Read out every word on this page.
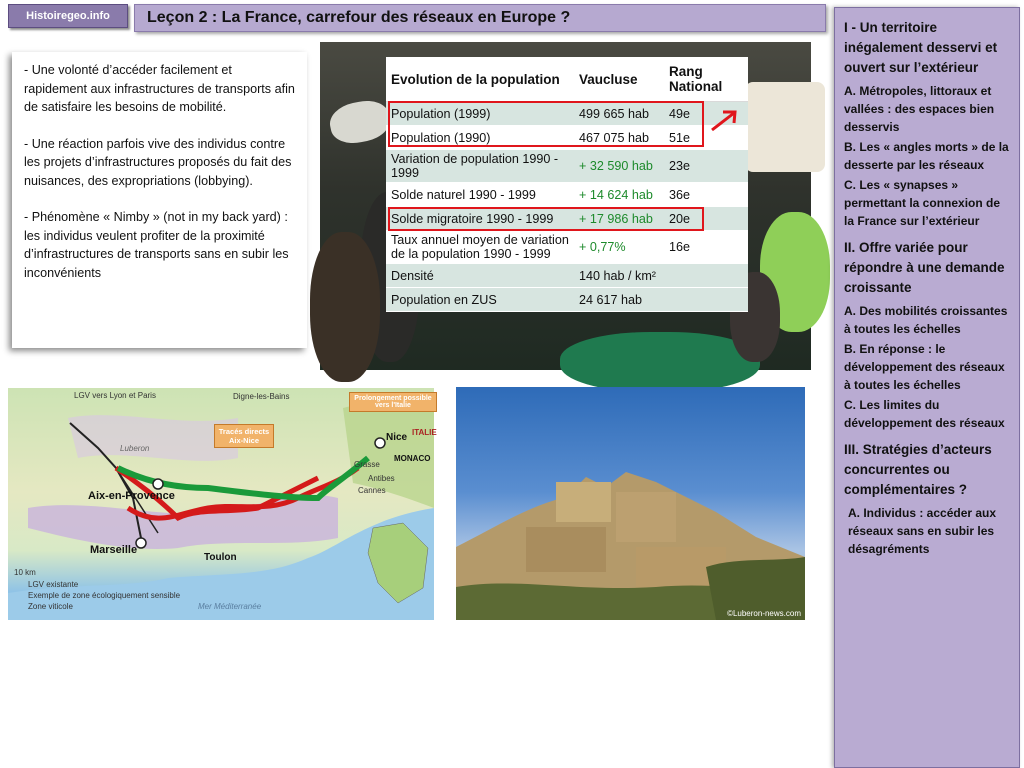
Histoiregeo.info	Leçon 2 : La France, carrefour des réseaux en Europe ?

- Une volonté d’accéder facilement et rapidement aux infrastructures de transports afin de satisfaire les besoins de mobilité.

- Une réaction parfois vive des individus contre les projets d’infrastructures proposés du fait des nuisances, des expropriations (lobbying).

- Phénomène « Nimby » (not in my back yard) : les individus veulent profiter de la proximité d’infrastructures de transports sans en subir les inconvénients

Evolution de la population	Vaucluse	Rang National
Population (1999)	499 665 hab	49e
Population (1990)	467 075 hab	51e
Variation de population 1990 - 1999	+ 32 590 hab	23e
Solde naturel 1990 - 1999	+ 14 624 hab	36e
Solde migratoire 1990 - 1999	+ 17 986 hab	20e
Taux annuel moyen de variation de la population 1990 - 1999	+ 0,77%	16e
Densité	140 hab / km²	
Population en ZUS	24 617 hab	
LGV vers Lyon et Paris	Digne-les-Bains
Tracés directs Aix-Nice
Prolongement possible vers l'Italie
ITALIE
Luberon
Nice
MONACO
Grasse
Antibes
Cannes
Aix-en-Provence
Marseille
Toulon
Mer Méditerranée
10 km
LGV existante
Exemple de zone écologiquement sensible
Zone viticole
©Luberon-news.com
I - Un territoire inégalement desservi et ouvert sur l’extérieur
A. Métropoles, littoraux et vallées : des espaces bien desservis
B. Les « angles morts » de la desserte par les réseaux
C. Les « synapses » permettant la connexion de la France sur l’extérieur
II. Offre variée pour répondre à une demande croissante
A. Des mobilités croissantes à toutes les échelles
B. En réponse : le développement des réseaux à toutes les échelles
C. Les limites du développement des réseaux
III. Stratégies d’acteurs concurrentes ou complémentaires ?
A. Individus : accéder aux réseaux sans en subir les désagréments
